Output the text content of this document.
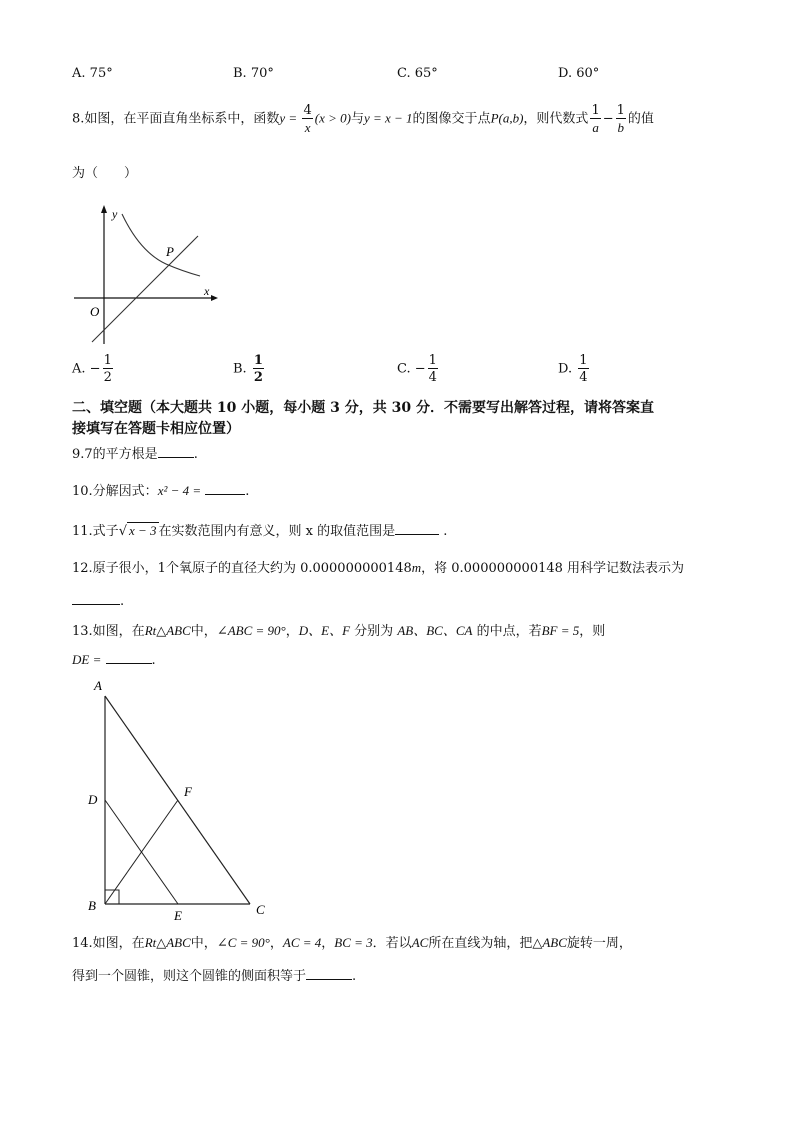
A. 75°	B. 70°	C. 65°	D. 60°
8.如图，在平面直角坐标系中，函数$y = \frac{4}{x} (x > 0)$与y = x − 1的图像交于点P(a,b)，则代数式 $\frac{1}{a} - \frac{1}{b}$ 的值
为（　　）
y
x
O
P
A. − $\frac{1}{2}$	B. $\frac{1}{2}$	C. − $\frac{1}{4}$	D. $\frac{1}{4}$
二、填空题（本大题共 10 小题，每小题 3 分，共 30 分．不需要写出解答过程，请将答案直
接填写在答题卡相应位置）
9.7的平方根是	.
10.分解因式：x² − 4 =	.
11.式子√ x − 3 在实数范围内有意义，则 x 的取值范围是	.
12.原子很小，1个氧原子的直径大约为 0.000000000148m，将 0.000000000148 用科学记数法表示为
.
13.如图，在Rt△ABC中，∠ABC = 90°，D、E、F 分别为 AB、BC、CA 的中点，若BF = 5，则
DE =	.
A
D
F
B
E	C
14.如图，在Rt△ABC中，∠C = 90°，AC = 4，BC = 3．若以AC所在直线为轴，把△ABC旋转一周，
得到一个圆锥，则这个圆锥的侧面积等于	.
